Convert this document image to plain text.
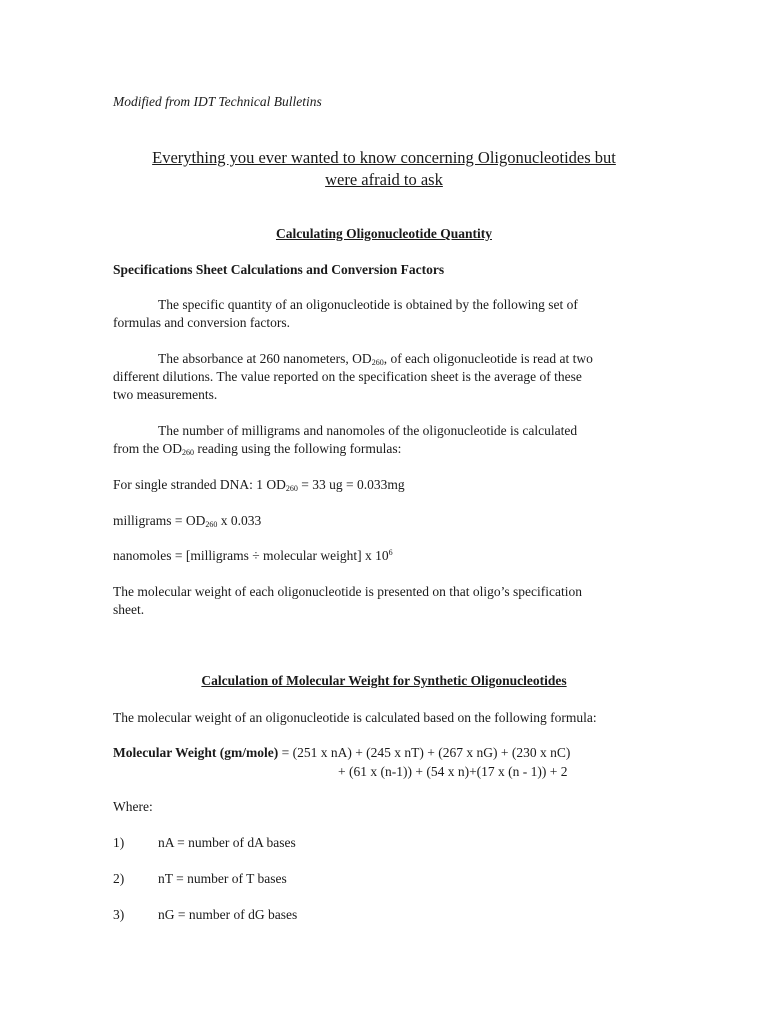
Modified from IDT Technical Bulletins
Everything you ever wanted to know concerning Oligonucleotides but
were afraid to ask
Calculating Oligonucleotide Quantity
Specifications Sheet Calculations and Conversion Factors
The specific quantity of an oligonucleotide is obtained by the following set of
formulas and conversion factors.
The absorbance at 260 nanometers, $OD_{260}$, of each oligonucleotide is read at two
different dilutions. The value reported on the specification sheet is the average of these
two measurements.
The number of milligrams and nanomoles of the oligonucleotide is calculated
from the $OD_{260}$ reading using the following formulas:
For single stranded DNA: 1 $OD_{260} = 33$ ug = 0.033mg
milligrams = $OD_{260}$ x 0.033
nanomoles = [milligrams ÷ molecular weight] x $10^6$
The molecular weight of each oligonucleotide is presented on that oligo’s specification
sheet.
Calculation of Molecular Weight for Synthetic Oligonucleotides
The molecular weight of an oligonucleotide is calculated based on the following formula:
Molecular Weight (gm/mole) = (251 x nA) + (245 x nT) + (267 x nG) + (230 x nC)
+ (61 x (n-1)) + (54 x n)+(17 x (n - 1)) + 2
Where:
1)	nA = number of dA bases
2)	nT = number of T bases
3)	nG = number of dG bases
